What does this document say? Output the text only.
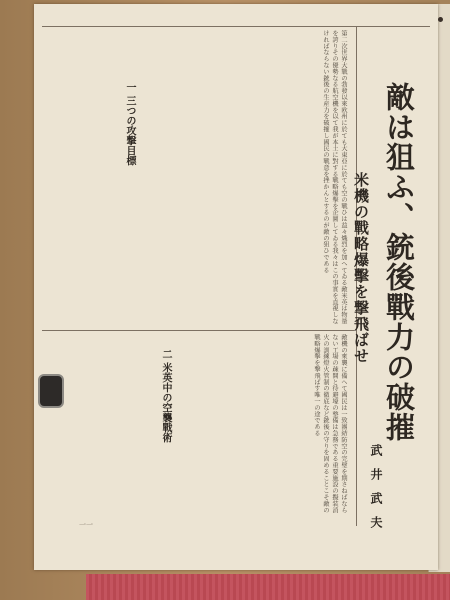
敵は狙ふ、銃後戰力の破摧
米機の戰略爆擊を撃飛ばせ
武井武夫
一 三つの攻撃目標
二 米英中の空襲戰術
第二次世界大戰の勃發以來欧州に於ても大東亞に於ても空の戰ひは益々熾烈を加へてゐる敵米英は物量を誇りその優勢なる航空機を以て我が本土に對する戰略爆擊を企圖してゐる我々はこの事實を直視しなければならない銃後の生産力を破摧し國民の戰意を挫かんとするのが敵の狙ひである
敵機の來襲に備へて國民は一致團結防空の完璧を期さねばならない工場の疎開と待避壕の整備は急務である重要施設の擬装消火の訓練燈火管制の徹底など銃後の守りを固めることこそ敵の戰略爆擊を撃飛ばす唯一の途である
一一
